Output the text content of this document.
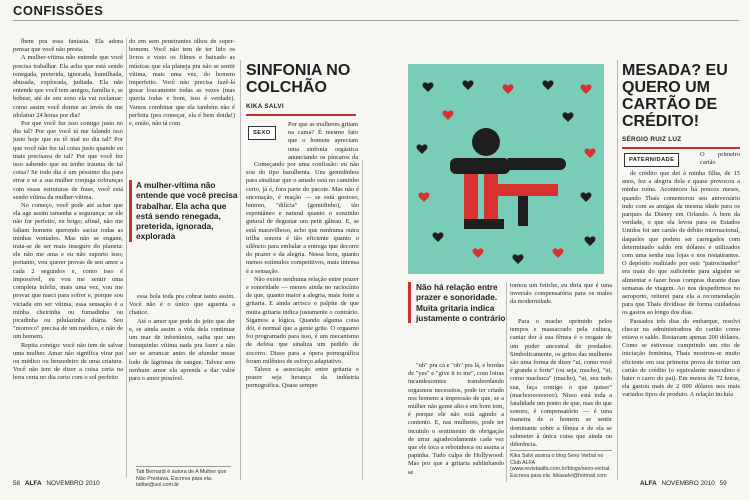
CONFISSÕES

lbem pra essa fantasia. Ela adora pensar que você não presta.

A mulher-vítima não entende que você precisa trabalhar. Ela acha que está sendo renegada, preterida, ignorada, humilhada, abusada, explorada, judiada. Ela não entende que você tem amigos, família e, se bobear, até de seu sono ela vai reclamar: como assim você dorme ao invés de me idolatrar 24 horas por dia?

Por que você fez isso comigo justo no dia tal? Por que você tá me falando isso justo hoje que eu tô mal no dia tal? Por que você não fez tal coisa justo quando eu mais precisava de tal? Por que você fez isso sabendo que eu tenho trauma de tal coisa? Se todo dia é um péssimo dia para errar e se a sua mulher conjuga cobranças com essas estruturas de frase, você está sendo vítima da mulher-vítima.

No começo, você pode até achar que ela age assim tamanha a segurança: se ele não for perfeito, eu brigo; afinal, não me faltam homens querendo saciar todas as minhas vontades. Mas não se engane, trata-se de ser mais inseguro do planeta: ele não me ama e eu não suporto isso; portanto, vou querer provas de seu amor a cada 2 segundos e, como isso é impossível, eu vou me sentir uma completa infeliz, mais uma vez, vou me provar que nasci para sofrer e, porque sou viciada em ser vítima, essa sensação é a minha cheirinha ou fumadinha ou picadinha ou pilulazinha diária. Seu "morreco" precisa de um médico, e não de um homem.

Repita comigo: você não tem de salvar uma mulher. Amar não significa virar pai ou médico ou benzedeiro de uma criatura. Você não tem de dizer a coisa certa na hora certa no dia certo com o sol perfeito

do em sem penetrantes olhos de super-homem. Você não tem de ter lido os livros e visto os filmes e baixado as músicas que ela planeja pra não se sentir vítima, mais uma vez, do homem imperfeito. Você não precisa fazê-la gozar loucamente todas as vezes (mas queria todas e bom, isso é verdade). Vamos combinar que ela também não é perfeita (pra começar, ela é bem doida!) e, então, não tá com

A mulher-vítima não entende que você precisa trabalhar. Ela acha que está sendo renegada, preterida, ignorada, explorada

essa bola toda pra cobrar tanto assim. Você não é o único que aguenta a chatice.

Até o amor que pode do jeito que der e, se ainda assim a vida dela continuar um mar de infortúnios, saiba que um buraquinho vítima nada pra fazer a não ser se arrancar antes de afundar nesse lodo de lágrimas de sangue. Talvez sem nenhum amor ela aprenda a dar valor para o amor possível.

Tati Bernardi é autora de A Mulher que Não Prestava. Escreva para ela: tatibe@uol.com.br
SINFONIA NO COLCHÃO
KIKA SALVI
SEXO

Por que as mulheres gritam na cama? É mesmo fato que o homem apreciam uma sinfonia orgástica anunciando os píncaros da

Começando por uma confissão: eu não sou do tipo barulhenta. Uns gemidinhos para sinalizar que o amado está no caminho certo, já é, fora parte do pacote. Mas não é encenação, é reação — se está gostoso, hmmm, "dilícia" (gemidinho), tão espontâneo e natural quanto o sonzinho gutural de degustar um petit gâteau. E, se está maravilhoso, acho que nenhuma outra trilha sonora é tão eficiente quanto o silêncio para embalar a entrega que decorre do prazer e da alegria. Nessa hora, quanto menos estímulos competitivos, mais intensa é a sensação.

Não existe nenhuma relação entre prazer e sonoridade — menos ainda no raciocínio de que, quanto maior a alegria, mais forte a gritaria. E ainda arrisco o palpite de que muita gritaria indica justamente o contrário. Sigamos a lógica. Quando alguma coisa dói, é normal que a gente grite. O orgasmo foi programado para isso, é um mecanismo de defesa que sinaliza um pedido de socorro. Disso para a ópera pornográfica foram milênios de esforço adaptativo.

Talvez a associação entre gritaria e prazer seja herança da indústria pornográfica. Quase sempre

Não há relação entre prazer e sonoridade. Muita gritaria indica justamente o contrário

tornou um fetiche, eu diria que é uma inversão compensatória para os males da modernidade.

"uh" pra cá e "oh" pra lá, e bordas de "yes" e "give it to me", com loiras incandescentes transbordando orgasmos necessitos, pode ter criado nos homens a impressão de que, se a mulher não geme alto e em bom tom, é porque ele não está agindo a contento. E, nas mulheres, pode ter incutido o sentimento de obrigação de urrar agradecidamente cada vez que ele toca a reboinhoca ou assina a papinha. Tudo culpa de Hollywood. Mas por que a gritaria sublinhando se

Para o macho oprimido pelos tempos e massacrado pela cultura, cantar dor à sua fêmea é o resgate de um poder ancestral de predador. Simbolicamente, os gritos das mulheres são uma forma de dizer "ui, como você é grande e forte" (ou seja, macho), "ui, como machuca" (macho), "ui, seu tudo sua, faça comigo o que quiser" (machooooooooo). Nisso está toda a fatalidade um ponto de que, mas do que sonoro, é compensatório — é uma maneira de o homem se sentir dominante sobre a fêmea e de ela se submeter à única coisa que ainda ou diferência.

Kika Salvi assina o blog Sexo Verbal no Club ALFA (www.revistaalfa.com.br/blogs/sexo-verbal. Escreva para ela: kikasalvi@hotmail.com
MESADA? EU QUERO UM CARTÃO DE CRÉDITO!
SÉRGIO RUIZ LUZ
PATERNIDADE

O primeiro cartão

de crédito que dei à minha filha, de 15 anos, fez a alegria dela e quase provocou a minha ruína. Aconteceu há poucos meses, quando Thaís comemorou seu aniversário indo com as amigas da mesma idade para os parques da Disney em Orlando. A bem da verdade, o que ela levou para os Estados Unidos foi um cartão de débito internacional, daqueles que podem ser carregados com determinado saldo em dólares e utilizados com uma senha nas lojas e nos restaurantes. O depósito realizado por este "patrocinador" era mais do que suficiente para alguém se alimentar e fazer boas compras durante duas semanas de viagem. Ao nos despedirmos no aeroporto, reiterei para ela a recomendação para que Thaís dividisse de forma cuidadosa os gastos ao longo dos dias.

Passados três dias do embarque, resolvi checar na administradora do cartão como estava o saldo. Restavam apenas 200 dólares. Como se estivesse cumprindo um rito de iniciação feminina, Thaís mostrou-se muito eficiente em sua primeira prova de torrar um cartão de crédito (o equivalente masculino é bater o carro do pai). Em menos de 72 horas, ela gastou mais de 2 000 dólares nos mais variados tipos de produto. A relação incluía

58 ALFA NOVEMBRO 2010	ALFA NOVEMBRO 2010 59
